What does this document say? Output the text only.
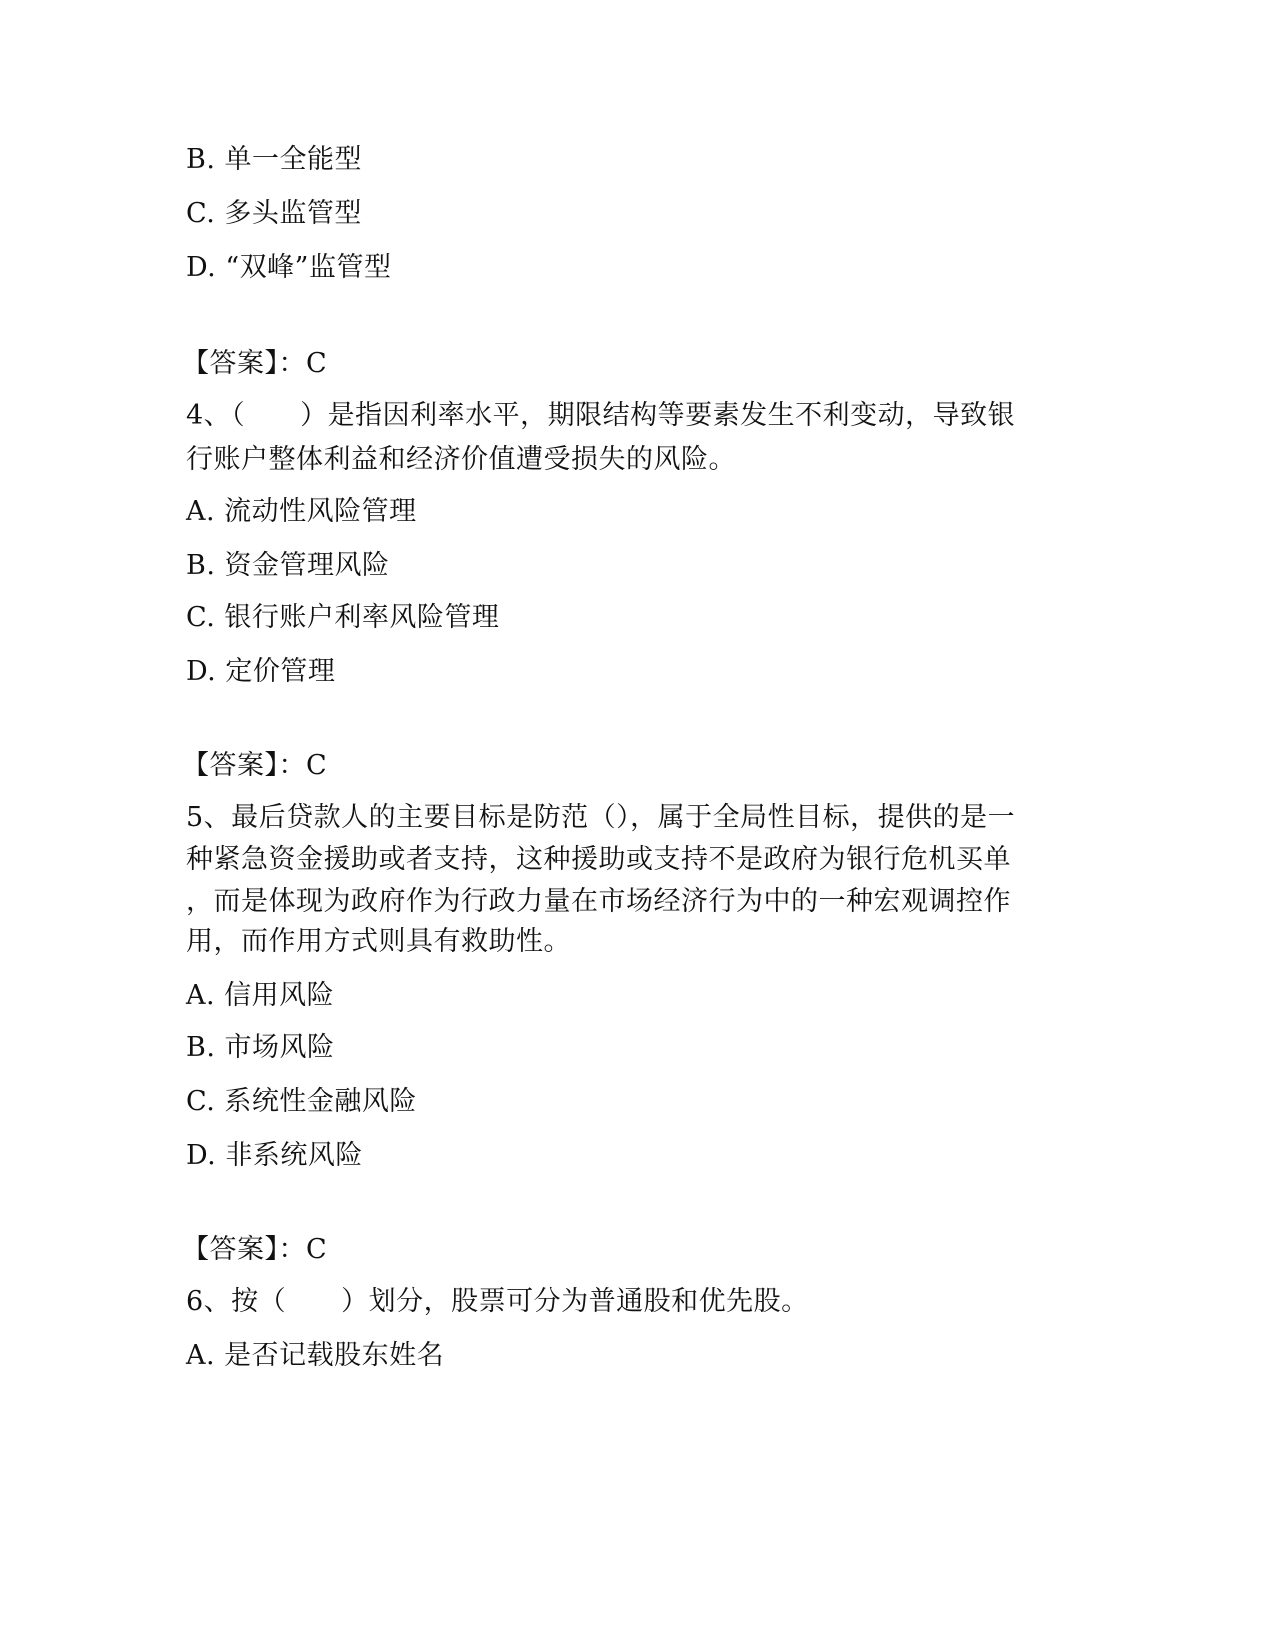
B. 单一全能型
C. 多头监管型
D. “双峰”监管型
【答案】：C
4、（　　）是指因利率水平，期限结构等要素发生不利变动，导致银
行账户整体利益和经济价值遭受损失的风险。
A. 流动性风险管理
B. 资金管理风险
C. 银行账户利率风险管理
D. 定价管理
【答案】：C
5、最后贷款人的主要目标是防范（），属于全局性目标，提供的是一
种紧急资金援助或者支持，这种援助或支持不是政府为银行危机买单
，而是体现为政府作为行政力量在市场经济行为中的一种宏观调控作
用，而作用方式则具有救助性。
A. 信用风险
B. 市场风险
C. 系统性金融风险
D. 非系统风险
【答案】：C
6、按（　　）划分，股票可分为普通股和优先股。
A. 是否记载股东姓名
